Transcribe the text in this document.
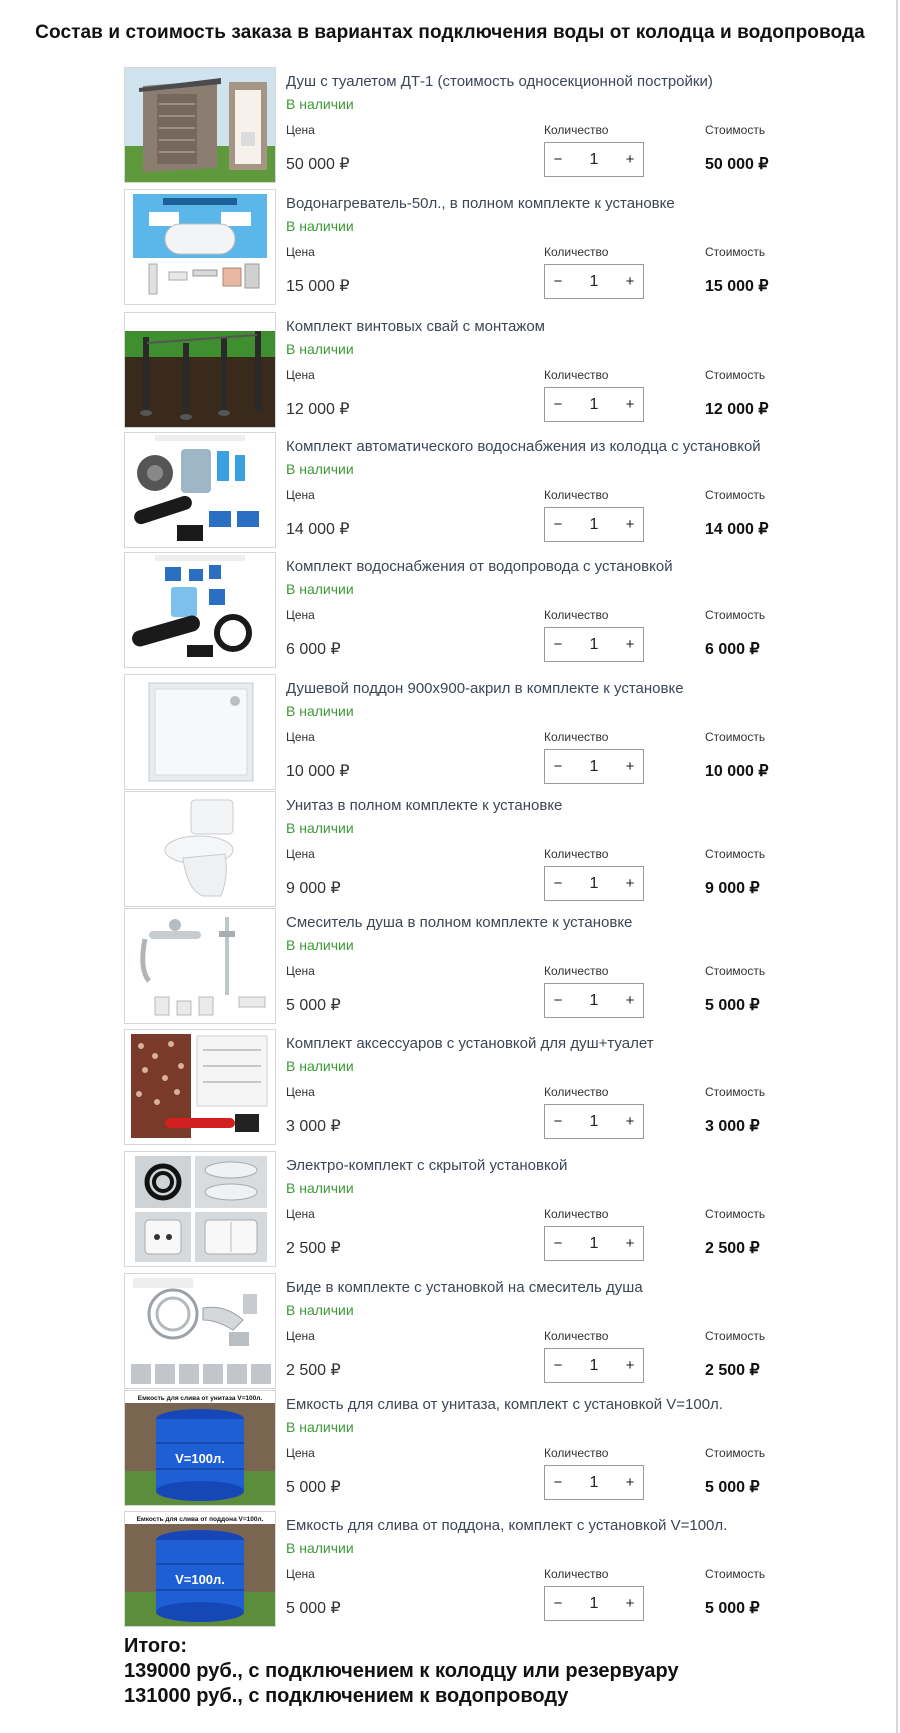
Состав и стоимость заказа в вариантах подключения воды от колодца и водопровода
Душ с туалетом ДТ-1 (стоимость односекционной постройки)
В наличии
Цена	Количество	Стоимость
50 000 ₽	−	1	+	50 000 ₽
Водонагреватель-50л., в полном комплекте к установке
В наличии
Цена	Количество	Стоимость
15 000 ₽	−	1	+	15 000 ₽
Комплект винтовых свай с монтажом
В наличии
Цена	Количество	Стоимость
12 000 ₽	−	1	+	12 000 ₽
Комплект автоматического водоснабжения из колодца с установкой
В наличии
Цена	Количество	Стоимость
14 000 ₽	−	1	+	14 000 ₽
Комплект водоснабжения от водопровода с установкой
В наличии
Цена	Количество	Стоимость
6 000 ₽	−	1	+	6 000 ₽
Душевой поддон 900х900-акрил в комплекте к установке
В наличии
Цена	Количество	Стоимость
10 000 ₽	−	1	+	10 000 ₽
Унитаз в полном комплекте к установке
В наличии
Цена	Количество	Стоимость
9 000 ₽	−	1	+	9 000 ₽
Смеситель душа в полном комплекте к установке
В наличии
Цена	Количество	Стоимость
5 000 ₽	−	1	+	5 000 ₽
Комплект аксессуаров с установкой для душ+туалет
В наличии
Цена	Количество	Стоимость
3 000 ₽	−	1	+	3 000 ₽
Электро-комплект с скрытой установкой
В наличии
Цена	Количество	Стоимость
2 500 ₽	−	1	+	2 500 ₽
Биде в комплекте с установкой на смеситель душа
В наличии
Цена	Количество	Стоимость
2 500 ₽	−	1	+	2 500 ₽
Емкость для слива от унитаза V=100л.
V=100л.
Емкость для слива от унитаза, комплект с установкой V=100л.
В наличии
Цена	Количество	Стоимость
5 000 ₽	−	1	+	5 000 ₽
Емкость для слива от поддона V=100л.
V=100л.
Емкость для слива от поддона, комплект с установкой V=100л.
В наличии
Цена	Количество	Стоимость
5 000 ₽	−	1	+	5 000 ₽
Итого:
139000 руб., с подключением к колодцу или резервуару
131000 руб., с подключением к водопроводу
